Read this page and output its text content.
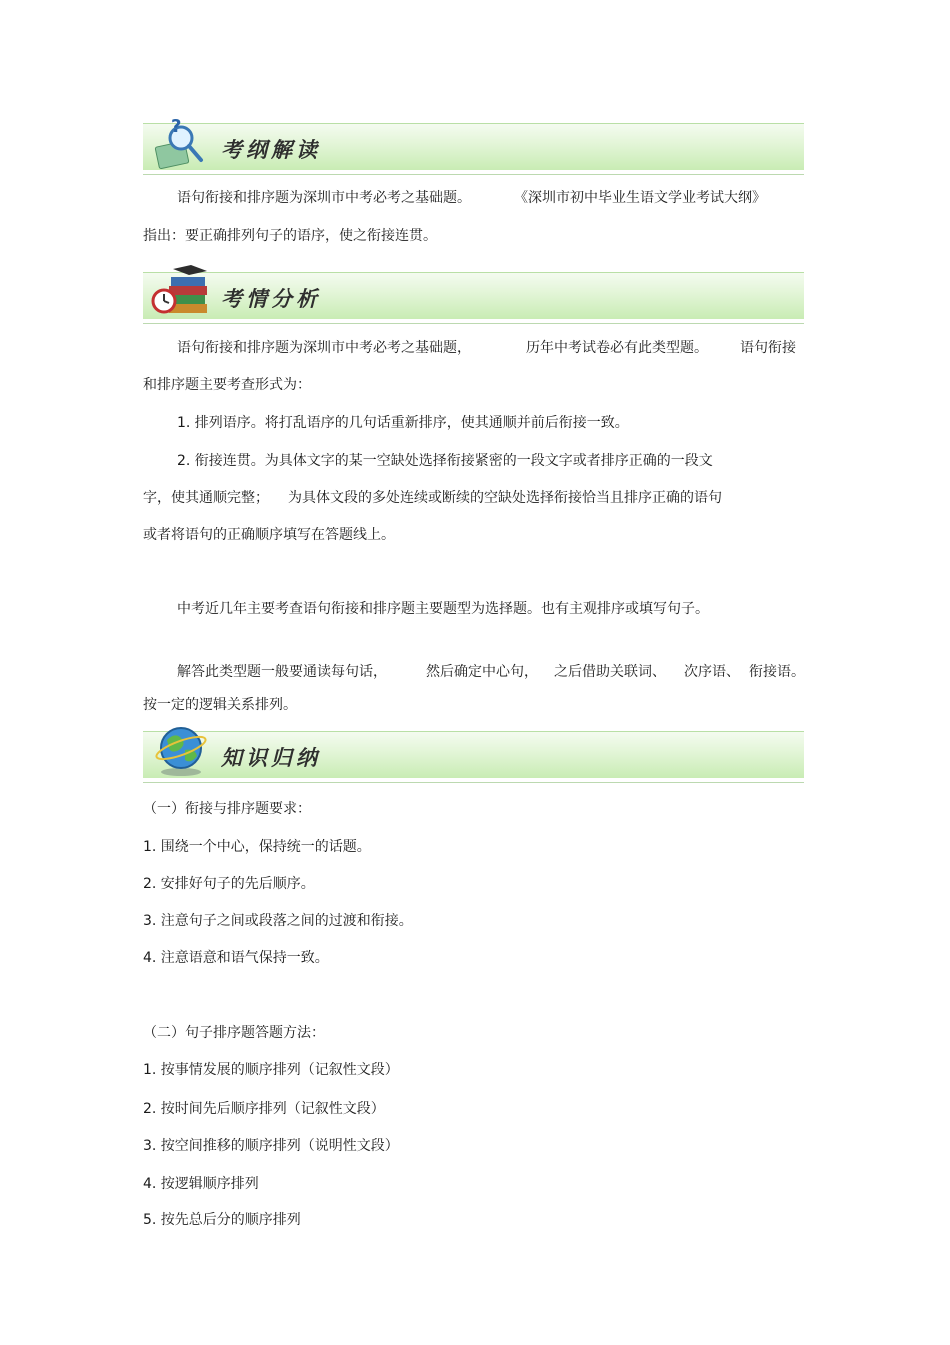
?
考纲解读
语句衔接和排序题为深圳市中考必考之基础题。	《深圳市初中毕业生语文学业考试大纲》
指出：要正确排列句子的语序，使之衔接连贯。
考情分析
语句衔接和排序题为深圳市中考必考之基础题，	历年中考试卷必有此类型题。 语句衔接
和排序题主要考查形式为：
1. 排列语序。将打乱语序的几句话重新排序，使其通顺并前后衔接一致。
2. 衔接连贯。为具体文字的某一空缺处选择衔接紧密的一段文字或者排序正确的一段文
字，使其通顺完整； 为具体文段的多处连续或断续的空缺处选择衔接恰当且排序正确的语句
或者将语句的正确顺序填写在答题线上。
中考近几年主要考查语句衔接和排序题主要题型为选择题。也有主观排序或填写句子。
解答此类型题一般要通读每句话，	然后确定中心句， 之后借助关联词、 次序语、 衔接语。
按一定的逻辑关系排列。
知识归纳
（一）衔接与排序题要求：
1. 围绕一个中心，保持统一的话题。
2. 安排好句子的先后顺序。
3. 注意句子之间或段落之间的过渡和衔接。
4. 注意语意和语气保持一致。
（二）句子排序题答题方法：
1. 按事情发展的顺序排列（记叙性文段）
2. 按时间先后顺序排列（记叙性文段）
3. 按空间推移的顺序排列（说明性文段）
4. 按逻辑顺序排列
5. 按先总后分的顺序排列
